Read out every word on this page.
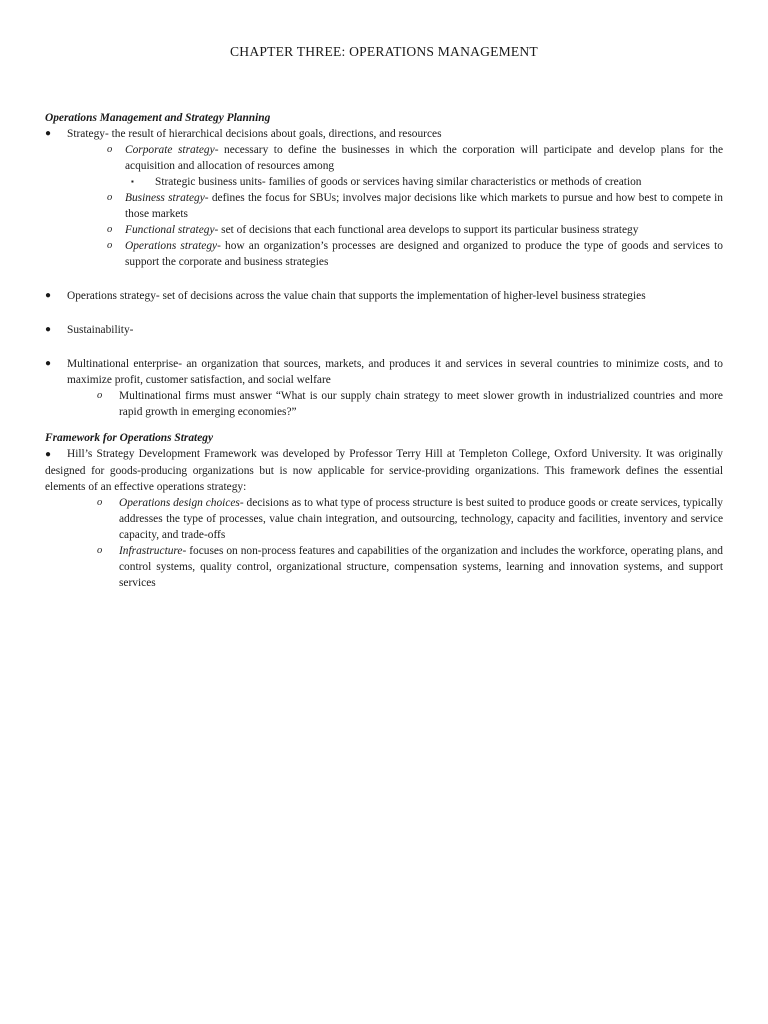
CHAPTER THREE: OPERATIONS MANAGEMENT

Operations Management and Strategy Planning

●	Strategy- the result of hierarchical decisions about goals, directions, and resources
o Corporate strategy- necessary to define the businesses in which the corporation will participate and develop plans for the acquisition and allocation of resources among
▪ Strategic business units- families of goods or services having similar characteristics or methods of creation
o Business strategy- defines the focus for SBUs; involves major decisions like which markets to pursue and how best to compete in those markets
o Functional strategy- set of decisions that each functional area develops to support its particular business strategy
o Operations strategy- how an organization’s processes are designed and organized to produce the type of goods and services to support the corporate and business strategies
●	Operations strategy- set of decisions across the value chain that supports the implementation of higher-level business strategies
●	Sustainability-
●	Multinational enterprise- an organization that sources, markets, and produces it and services in several countries to minimize costs, and to maximize profit, customer satisfaction, and social welfare
o Multinational firms must answer “What is our supply chain strategy to meet slower growth in industrialized countries and more rapid growth in emerging economies?”

Framework for Operations Strategy

● Hill’s Strategy Development Framework was developed by Professor Terry Hill at Templeton College, Oxford University. It was originally designed for goods-producing organizations but is now applicable for service-providing organizations. This framework defines the essential elements of an effective operations strategy:
o Operations design choices- decisions as to what type of process structure is best suited to produce goods or create services, typically addresses the type of processes, value chain integration, and outsourcing, technology, capacity and facilities, inventory and service capacity, and trade-offs
o Infrastructure- focuses on non-process features and capabilities of the organization and includes the workforce, operating plans, and control systems, quality control, organizational structure, compensation systems, learning and innovation systems, and support services
